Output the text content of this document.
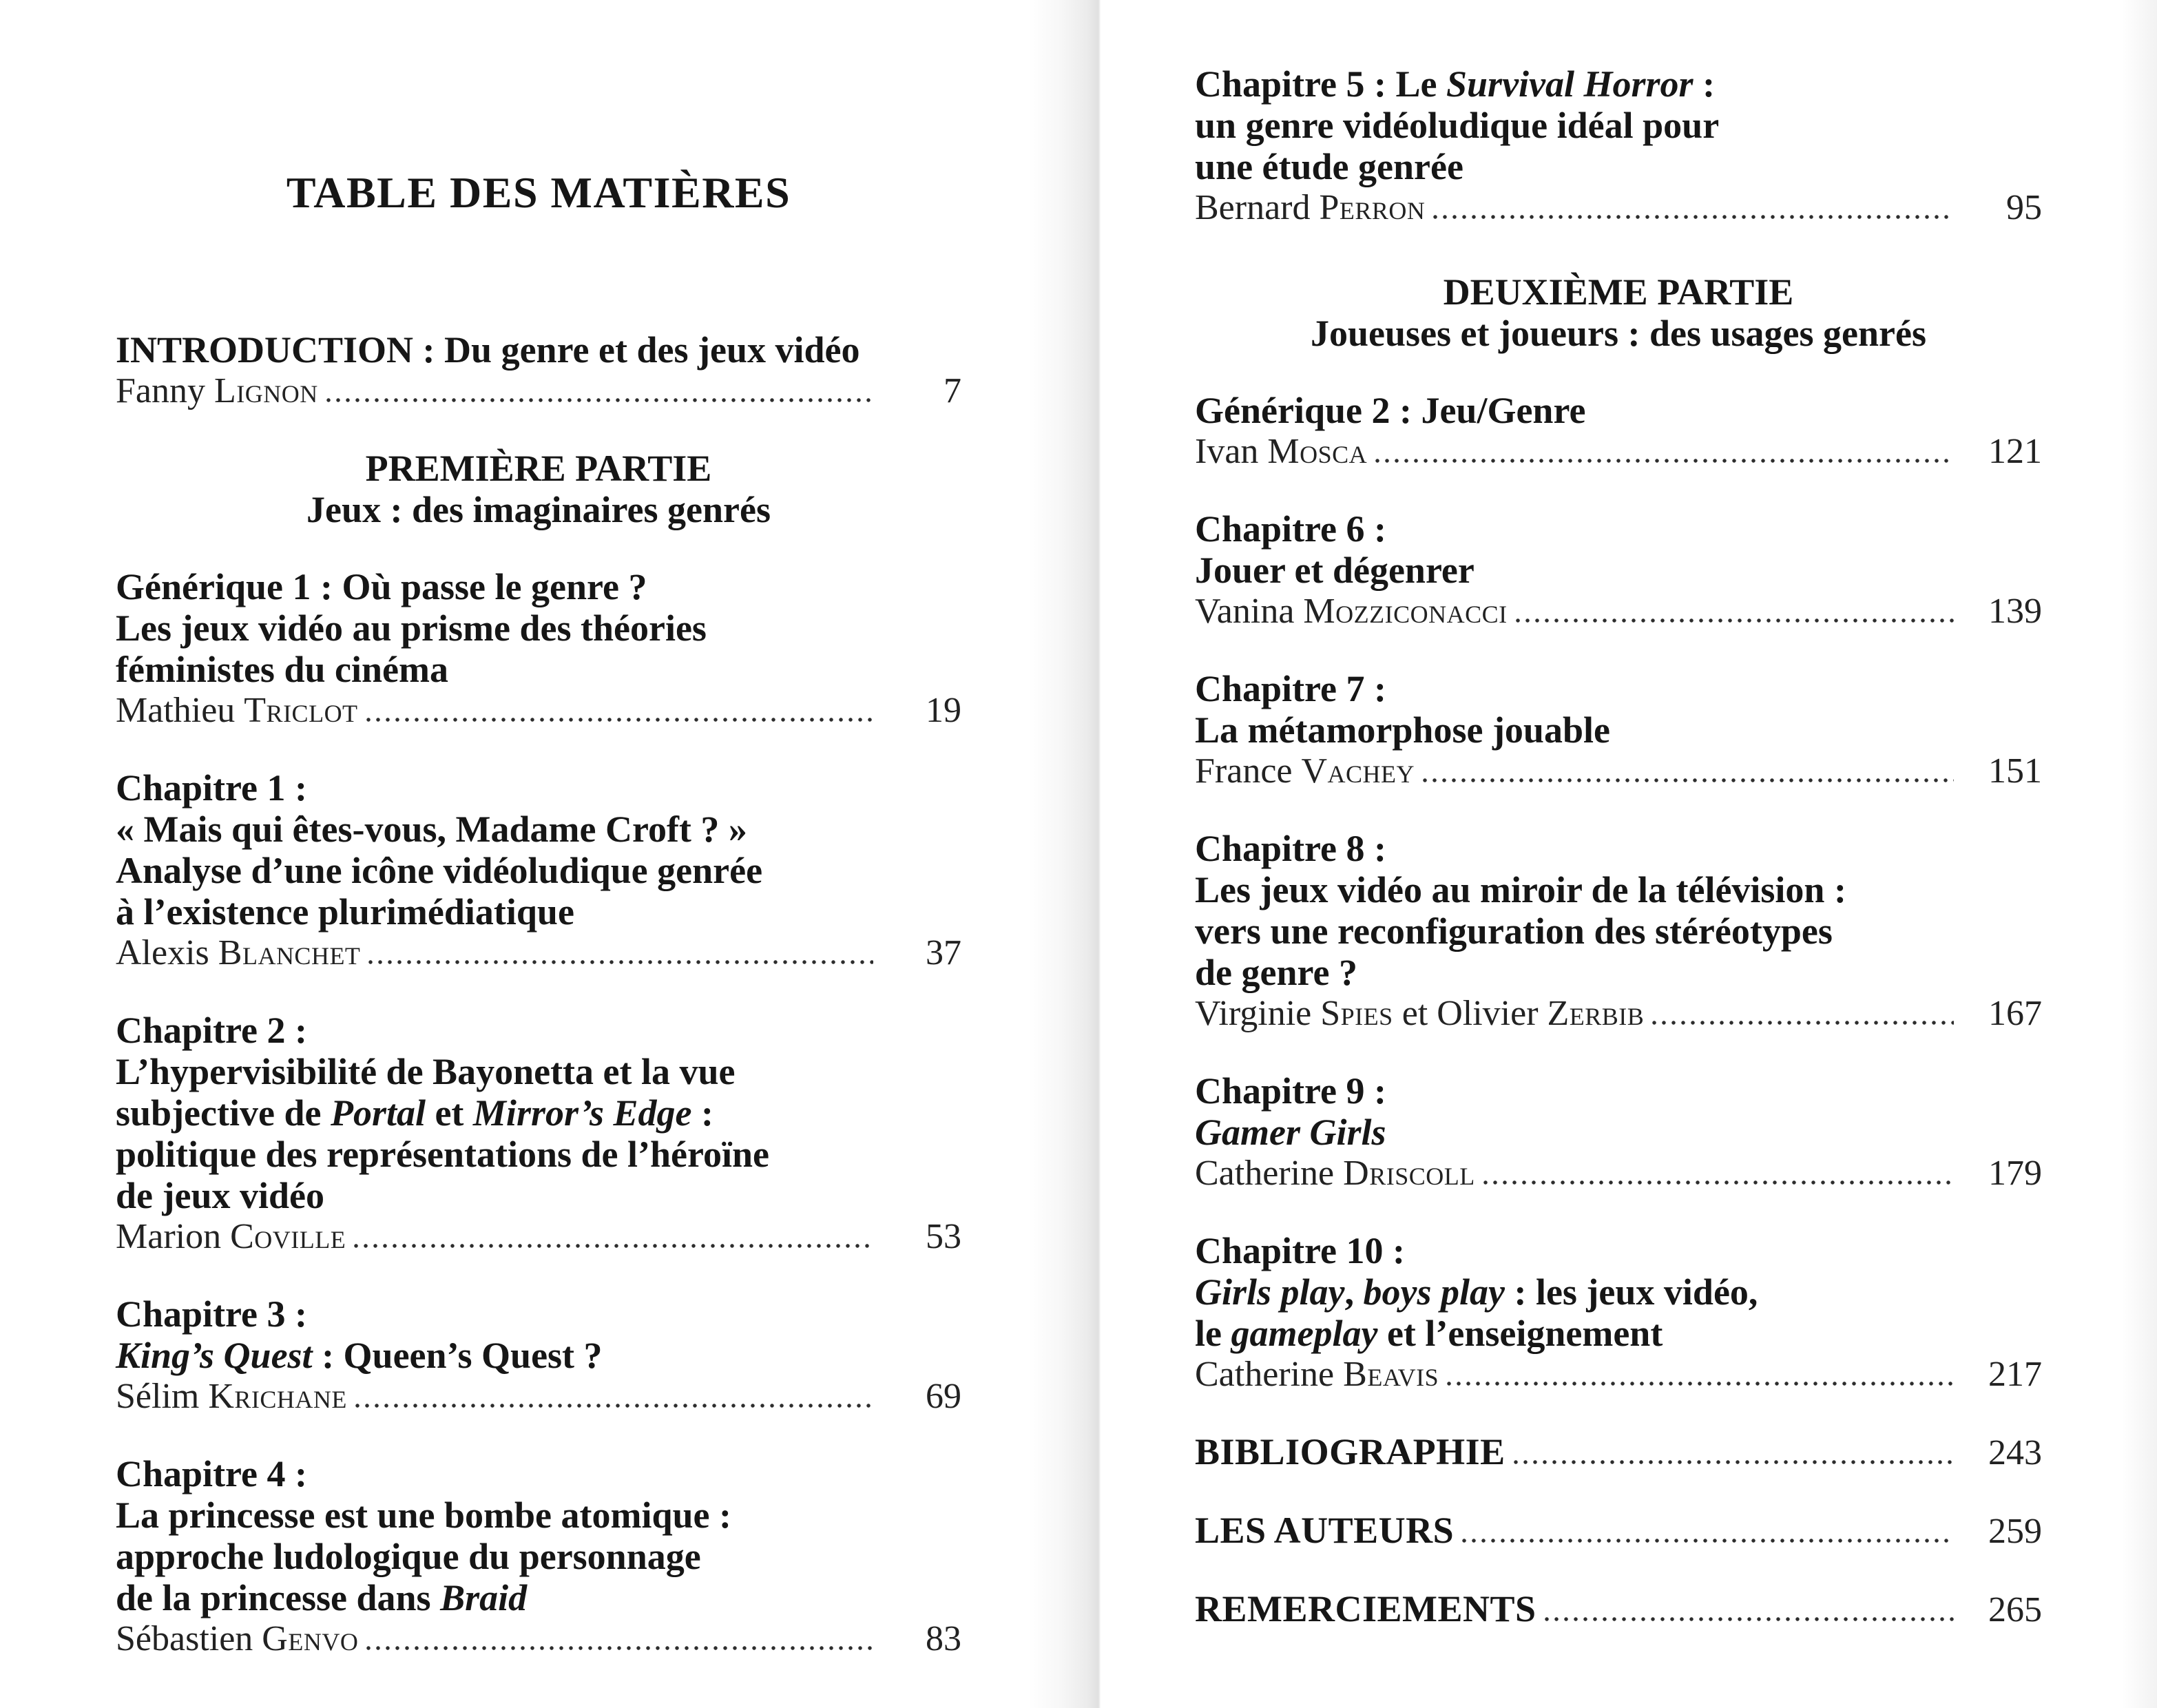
TABLE DES MATIÈRES
INTRODUCTION : Du genre et des jeux vidéo
Fanny Lignon	7
PREMIÈRE PARTIE
Jeux : des imaginaires genrés
Générique 1 : Où passe le genre ?
Les jeux vidéo au prisme des théories
féministes du cinéma
Mathieu Triclot	19
Chapitre 1 :
« Mais qui êtes-vous, Madame Croft ? »
Analyse d’une icône vidéoludique genrée
à l’existence plurimédiatique
Alexis Blanchet	37
Chapitre 2 :
L’hypervisibilité de Bayonetta et la vue
subjective de Portal et Mirror’s Edge :
politique des représentations de l’héroïne
de jeux vidéo
Marion Coville	53
Chapitre 3 :
King’s Quest : Queen’s Quest ?
Sélim Krichane	69
Chapitre 4 :
La princesse est une bombe atomique :
approche ludologique du personnage
de la princesse dans Braid
Sébastien Genvo	83
Chapitre 5 : Le Survival Horror :
un genre vidéoludique idéal pour
une étude genrée
Bernard Perron	95
DEUXIÈME PARTIE
Joueuses et joueurs : des usages genrés
Générique 2 : Jeu/Genre
Ivan Mosca	121
Chapitre 6 :
Jouer et dégenrer
Vanina Mozziconacci	139
Chapitre 7 :
La métamorphose jouable
France Vachey	151
Chapitre 8 :
Les jeux vidéo au miroir de la télévision :
vers une reconfiguration des stéréotypes
de genre ?
Virginie Spies et Olivier Zerbib	167
Chapitre 9 :
Gamer Girls
Catherine Driscoll	179
Chapitre 10 :
Girls play, boys play : les jeux vidéo,
le gameplay et l’enseignement
Catherine Beavis	217
BIBLIOGRAPHIE	243
LES AUTEURS	259
REMERCIEMENTS	265
